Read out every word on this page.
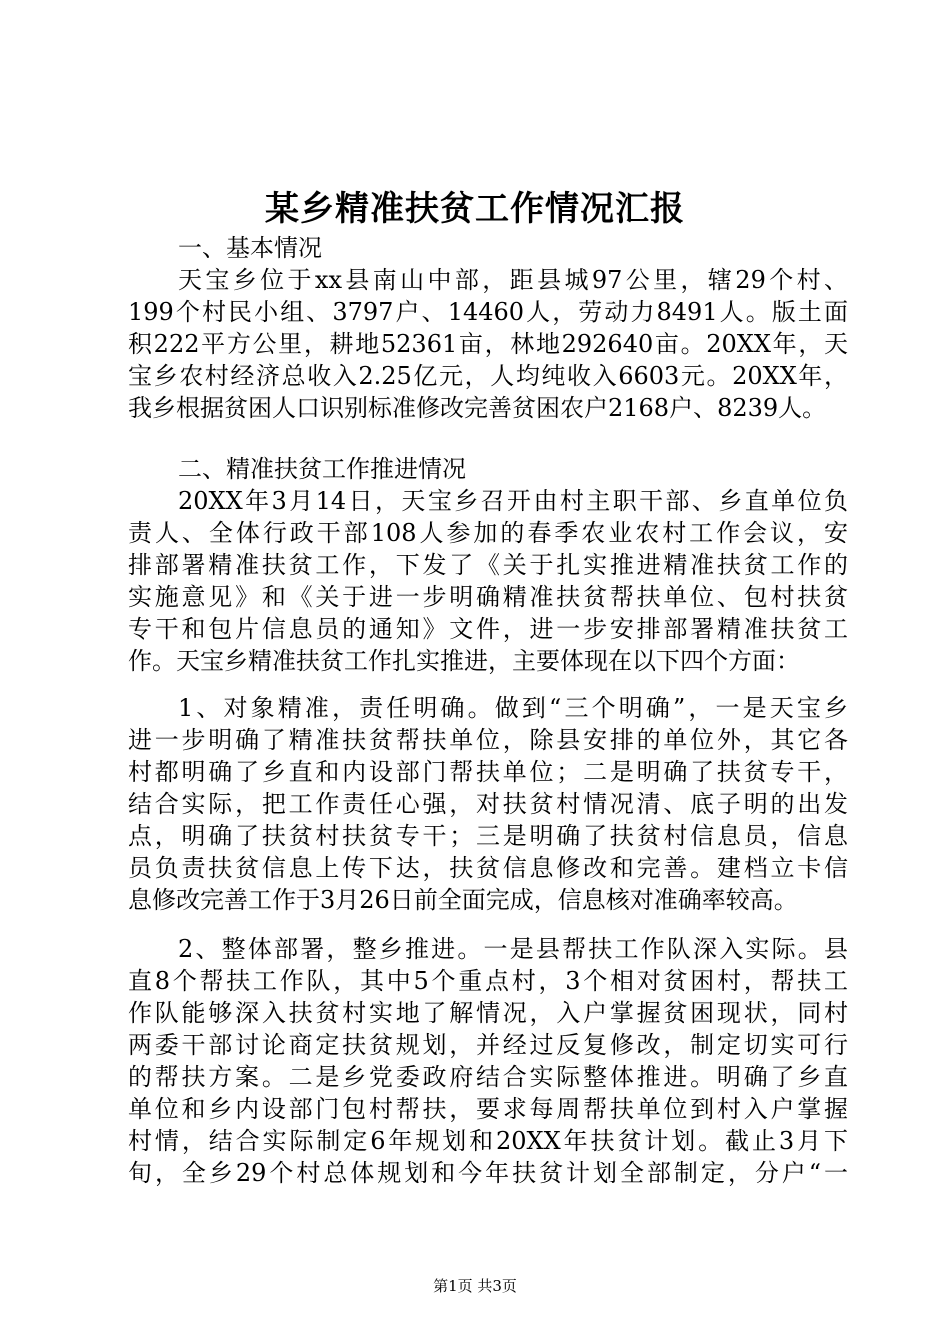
某乡精准扶贫工作情况汇报
一、基本情况
天宝乡位于xx县南山中部，距县城97公里，辖29个村、
199个村民小组、3797户、14460人，劳动力8491人。版土面
积222平方公里，耕地52361亩，林地292640亩。20XX年，天
宝乡农村经济总收入2.25亿元，人均纯收入6603元。20XX年，
我乡根据贫困人口识别标准修改完善贫困农户2168户、8239人。
二、精准扶贫工作推进情况
20XX年3月14日，天宝乡召开由村主职干部、乡直单位负
责人、全体行政干部108人参加的春季农业农村工作会议，安
排部署精准扶贫工作，下发了《关于扎实推进精准扶贫工作的
实施意见》和《关于进一步明确精准扶贫帮扶单位、包村扶贫
专干和包片信息员的通知》文件，进一步安排部署精准扶贫工
作。天宝乡精准扶贫工作扎实推进，主要体现在以下四个方面：
1、对象精准，责任明确。做到“三个明确”，一是天宝乡
进一步明确了精准扶贫帮扶单位，除县安排的单位外，其它各
村都明确了乡直和内设部门帮扶单位；二是明确了扶贫专干，
结合实际，把工作责任心强，对扶贫村情况清、底子明的出发
点，明确了扶贫村扶贫专干；三是明确了扶贫村信息员，信息
员负责扶贫信息上传下达，扶贫信息修改和完善。建档立卡信
息修改完善工作于3月26日前全面完成，信息核对准确率较高。
2、整体部署，整乡推进。一是县帮扶工作队深入实际。县
直8个帮扶工作队，其中5个重点村，3个相对贫困村，帮扶工
作队能够深入扶贫村实地了解情况，入户掌握贫困现状，同村
两委干部讨论商定扶贫规划，并经过反复修改，制定切实可行
的帮扶方案。二是乡党委政府结合实际整体推进。明确了乡直
单位和乡内设部门包村帮扶，要求每周帮扶单位到村入户掌握
村情，结合实际制定6年规划和20XX年扶贫计划。截止3月下
旬，全乡29个村总体规划和今年扶贫计划全部制定，分户“一
第1页 共3页
